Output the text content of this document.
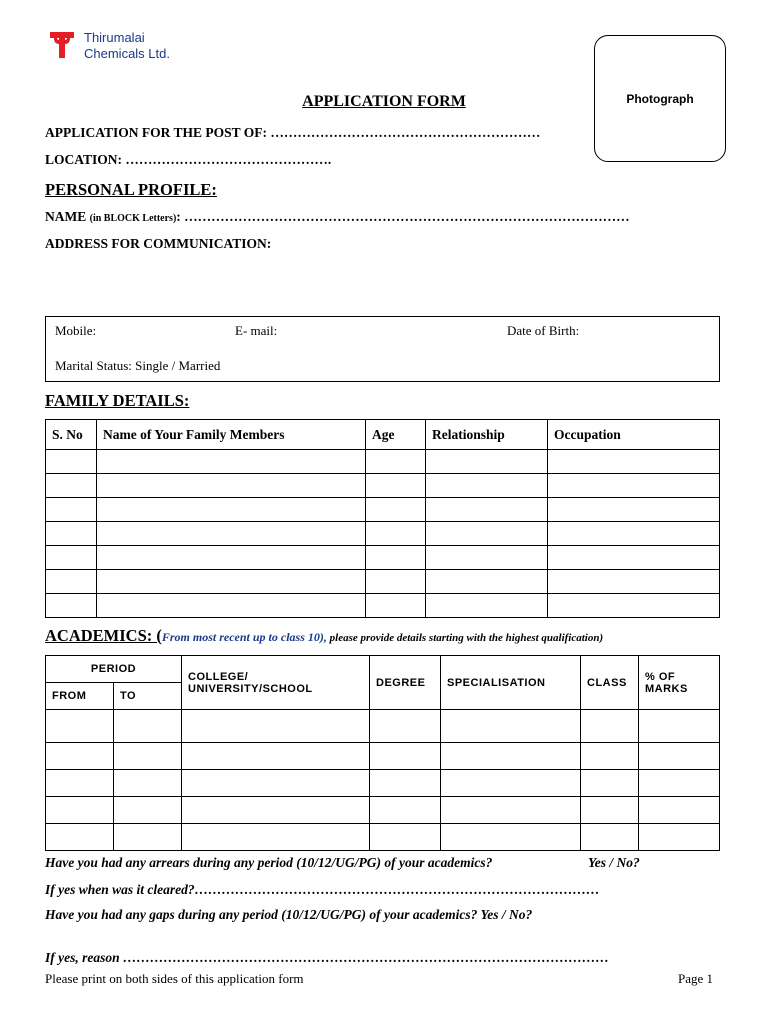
Thirumalai
Chemicals Ltd.
Photograph
APPLICATION FORM
APPLICATION FOR THE POST OF: ……………………………………………………
LOCATION: ……………………………………….
PERSONAL PROFILE:
NAME (in BLOCK Letters): ………………………………………………………………………………………
ADDRESS FOR COMMUNICATION:
Mobile:	E- mail:	Date of Birth:
Marital Status: Single / Married
FAMILY DETAILS:
S. No	Name of Your Family Members	Age	Relationship	Occupation

ACADEMICS: (From most recent up to class 10), please provide details starting with the highest qualification)
PERIOD		COLLEGE/ UNIVERSITY/SCHOOL	DEGREE	SPECIALISATION	CLASS	% OF MARKS
FROM	TO					

Have you had any arrears during any period (10/12/UG/PG) of your academics?	Yes / No?
If yes when was it cleared?………………………………………………………………………………
Have you had any gaps during any period (10/12/UG/PG) of your academics? Yes / No?
If yes, reason ………………………………………………………………………………………………
Please print on both sides of this application form	Page 1
